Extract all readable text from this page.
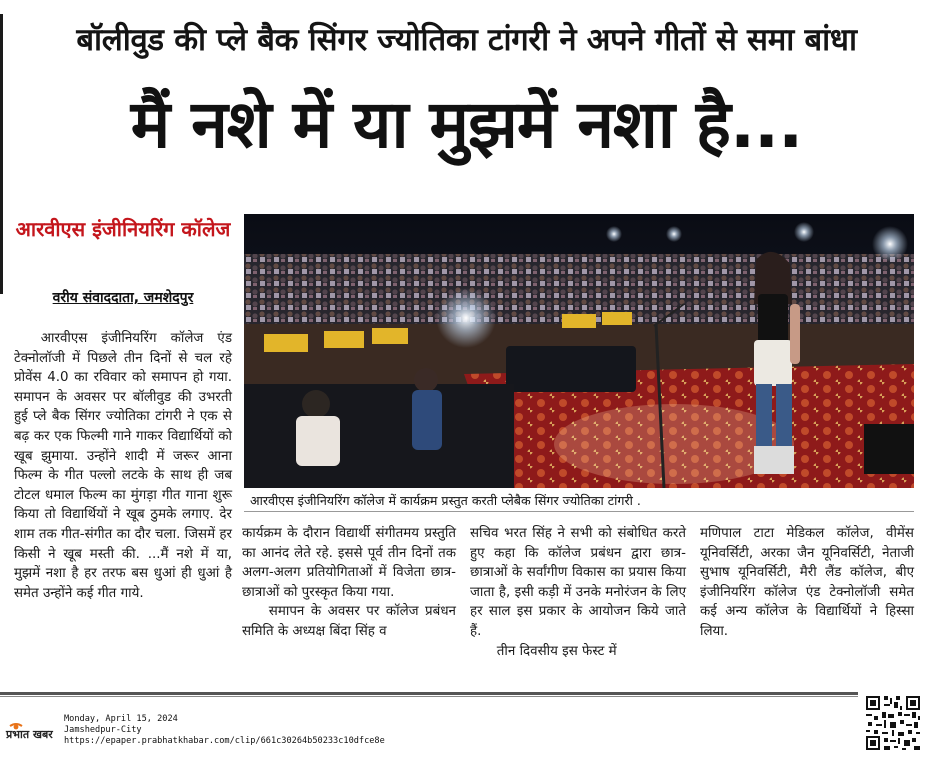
बॉलीवुड की प्ले बैक सिंगर ज्योतिका टांगरी ने अपने गीतों से समा बांधा
मैं नशे में या मुझमें नशा है...
आरवीएस इंजीनियरिंग कॉलेज
वरीय संवाददाता, जमशेदपुर

आरवीएस इंजीनियरिंग कॉलेज एंड टेक्नोलॉजी में पिछले तीन दिनों से चल रहे प्रोवेंस 4.0 का रविवार को समापन हो गया. समापन के अवसर पर बॉलीवुड की उभरती हुई प्ले बैक सिंगर ज्योतिका टांगरी ने एक से बढ़ कर एक फिल्मी गाने गाकर विद्यार्थियों को खूब झुमाया. उन्होंने शादी में जरूर आना फिल्म के गीत पल्लो लटके के साथ ही जब टोटल धमाल फिल्म का मुंगड़ा गीत गाना शुरू किया तो विद्यार्थियों ने खूब ठुमके लगाए. देर शाम तक गीत-संगीत का दौर चला. जिसमें हर किसी ने खूब मस्ती की. ...मैं नशे में या, मुझमें नशा है हर तरफ बस धुआं ही धुआं है समेत उन्होंने कई गीत गाये.

आरवीएस इंजीनियरिंग कॉलेज में कार्यक्रम प्रस्तुत करती प्लेबैक सिंगर ज्योतिका टांगरी .

कार्यक्रम के दौरान विद्यार्थी संगीतमय प्रस्तुति का आनंद लेते रहे. इससे पूर्व तीन दिनों तक अलग-अलग प्रतियोगिताओं में विजेता छात्र-छात्राओं को पुरस्कृत किया गया.

समापन के अवसर पर कॉलेज प्रबंधन समिति के अध्यक्ष बिंदा सिंह व

सचिव भरत सिंह ने सभी को संबोधित करते हुए कहा कि कॉलेज प्रबंधन द्वारा छात्र-छात्राओं के सर्वांगीण विकास का प्रयास किया जाता है, इसी कड़ी में उनके मनोरंजन के लिए हर साल इस प्रकार के आयोजन किये जाते हैं.

तीन दिवसीय इस फेस्ट में

मणिपाल टाटा मेडिकल कॉलेज, वीमेंस यूनिवर्सिटी, अरका जैन यूनिवर्सिटी, नेताजी सुभाष यूनिवर्सिटी, मैरी लैंड कॉलेज, बीए इंजीनियरिंग कॉलेज एंड टेक्नोलॉजी समेत कई अन्य कॉलेज के विद्यार्थियों ने हिस्सा लिया.

प्रभात खबर
Monday, April 15, 2024
Jamshedpur-City
https://epaper.prabhatkhabar.com/clip/661c30264b50233c10dfce8e
